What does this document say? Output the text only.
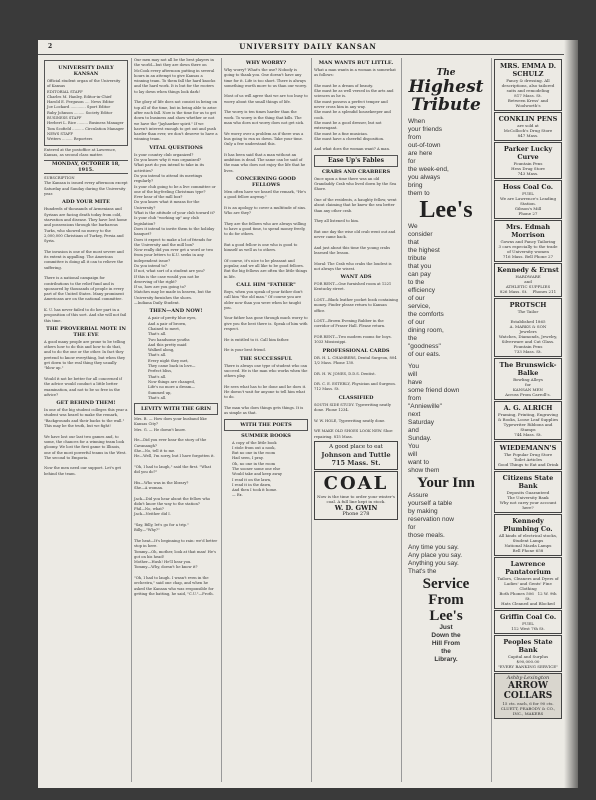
2	UNIVERSITY DAILY KANSAN
UNIVERSITY DAILY KANSAN
Official student organ of the University
of Kansas
EDITORIAL STAFF
Charles M. Hanley, Editor-in-Chief
Harold E. Ferguson .... News Editor
Joe Lockard ............. Sport Editor
Ruby Johnson ......... Society Editor
BUSINESS STAFF
Herbert L. Rice ......... Business Manager
Tom Scofield .......... Circulation Manager
NEWS STAFF
Writers ......... Reporters
Entered at the postoffice at Lawrence, Kansas, as second class matter.
MONDAY, OCTOBER 18, 1915.
SUBSCRIPTION
The Kansan is issued every afternoon except Saturday and Sunday during the University year.
ADD YOUR MITE
Hundreds of thousands of Armenians and Syrians are facing death today from cold, starvation and disease. They have lost home and possessions through the barbarous Turks, who showed no mercy to the 2,000,000 Christians of Turkey, Persia and Syria.

The invasion is one of the most severe and its extent is appalling. The American committee is doing all it can to relieve the suffering.

There is a national campaign for contributions to the relief fund and is sponsored by thousands of people in every part of the United States. Many prominent Americans are on the national committee.

K. U. has never failed to do her part in a proposition of this sort. And she will not fail this time.
THE PROVERBIAL MOTE IN THE EYE
A good many people are prone to be telling others how to do this and how to do that, and to do the one or the other. In fact they pretend to know everything, but when they get down to the real thing they usually "blow up."

Would it not be better for all concerned if the advice would conduct a little better examination, and not to be so free in the advice?
GET BEHIND THEM!
In one of the big student colleges this year a student was heard to make the remark, "Backgrounds and their backs to the wall." This may be the truth, but we fight!

We have lost our last two games and, to some, the chances for a winning team look gloomy. We lost the first game to Illinois, one of the most powerful teams in the West. The second to Emporia.

Now the men need our support. Let's get behind the team.
Our men may not all be the best players in the world—but they are down there on McCook every afternoon putting in several hours in an attempt to give Kansas a winning team. To them fall the hard knocks and the hard work. It is but for the rooters to lay down when things look dark!

The glory of life does not consist in being on top all of the time, but in being able to arise after each fall. Now is the time for us to get down to business and show whether or not we have the "Jayhawker spirit." If we haven't interest enough to get out and push harder than ever, we don't deserve to have a winning team.
VITAL QUESTIONS
Is your country club organized?
Do you know why it was organized?
What part do you intend to take in its activities?
Do you intend to attend its meetings regularly?
Is your club going to be a live committee or one of the big-feeling Christmas type?
Ever hear of the mill box?
Do you know what it means for the University?
What is the attitude of your club toward it?
Is your club "working up" any club legislation?
Does it intend to invite them to the holiday banquet?
Does it expect to make a lot of friends for the University and the mill box?
Now really did you ever get a word or two from your letters to K.U. seeks in any independent issue?
Do you intend to?
If not, what sort of a student are you?
If this is the case would you not be deserving of the right?
If so, how are you going to?
Matches may be made in heaven, but the University furnishes the shoes.
—Indiana Daily Student.
THEN—AND NOW!
A pair of pretty blue eyes,
And a pair of brown,
Chained to meet,
That's all.
Two handsome youths
And this pretty maid
Walked along,
That's all.
Every night they met,
They came back in love—
Perfect bliss,
That's all.
Now things are changed,
Life's no more a dream—
Summed up,
That's all.
LEVITY WITH THE GRIN
Mrs. B. — How does your husband like Kansas City?
Mrs. G. — He doesn't know.

He—Did you ever hear the story of the Cavanaugh?
She—No, tell it to me.
He—Well, I'm sorry, but I have forgotten it.

"Oh, I had to laugh," said the first. "What did you do?"

His—Who was in the library?
She—A woman.

Jack—Did you hear about the fellow who didn't know the way to the station?
Phil—No, what?
Jack—Neither did I.

"Say, Billy, let's go for a trip."
Billy—"Why?"

The heat—It's beginning to rain: we'd better stop in here.
Tommy—Oh, mother, look at that man! He's got on his head!
Mother—Hush! He'll hear you.
Tommy—Why, doesn't he know it?

"Oh, I had to laugh. I wasn't even in the orchestra," said one chap, and when he asked the Kansan who was responsible for getting the batting, he said, "C.U."—Froth.
WHY WORRY?
Why worry? What's the use? Nobody is going to thank you. One doesn't have any time for it. Life is too short. There is always something worth more to us than our worry.

Most of us will agree that we are too busy to worry about the small things of life.

The worry is ten times harder than the work. To worry is the thing that kills. The man who does not worry does not get sick.

We worry over a problem as if there was a bus going to run us down. Take your time. Only a few understand this.

It has been said that a man without an ambition is dead. The same can be said of the man who does not enjoy the life that he lives.
CONCERNING GOOD FELLOWS
Men often have we heard the remark, "He's a good fellow anyway."

It is an apology to cover a multitude of sins. Who are they?

They are the fellows who are always willing to have a good time, to spend money freely, to do for others.

But a good fellow is one who is good to himself as well as to others.

Of course, it's nice to be pleasant and popular, and we all like to be good fellows. But the big fellows are often the little things in life.
CALL HIM "FATHER"
Boys, when you speak of your father don't call him "the old man." Of course you are older now than you were when he taught you.

Your father has gone through much worry to give you the best there is. Speak of him with respect.

He is entitled to it. Call him father.

He is your best friend.
THE SUCCESSFUL
There is always one type of student who can succeed. He is the man who works when the others play.

He sees what has to be done and he does it. He doesn't wait for anyone to tell him what to do.

The man who does things gets things. It is as simple as that.
WITH THE POETS
SUMMER BOOKS
A copy of the little book
I stole from out a nook,
But no one in the room
Had seen, I pray.
Oh, no one in the room
The sooner some one else
Would take and keep away
I read it on the lawn,
I read it in the dawn,
And then I took it home.
— Ex.
MAN WANTS BUT LITTLE.
What a man wants in a woman is somewhat as follows:

She must be a dream of beauty.
She must be as well versed in the arts and sciences as he is.
She must possess a perfect temper and never cross him in any way.
She must be a splendid housekeeper and cook.
She must be a good dresser, but not extravagant.
She must be a fine musician.
She must have a cheerful disposition.

And what does the woman want? A man.
Ease Up's Fables
CRABS AND CRABBERS
Once upon a time there was an old Grandaddy Crab who lived down by the Sea Shore.

One of the residents, a haughty fellow, went about claiming that he knew the sea better than any other crab.

They all listened to him.

But one day the wise old crab went out and never came back.

And just about this time the young crabs learned the lesson.

Moral: The Crab who crabs the loudest is not always the wisest.
WANT ADS
FOR RENT—One furnished room at 1221 Kentucky street.

LOST—Black leather pocket book containing money. Finder please return to Kansan office.

LOST—Brown Evening Rubber in the corridor of Fraser Hall. Please return.

FOR RENT—Two modern rooms for boys. 1033 Mississippi.
PROFESSIONAL CARDS
DR. H. L. CHAMBERS, Dental Surgeon, 804 1/2 Mass. Phone 130.

DR. H. W. JONES, D.D.S. Dentist.

DR. C. E. ESTERLY, Physician and Surgeon. 712 Mass. St.
CLASSIFIED
SOUTH SIDE STUDY. Typewriting neatly done. Phone 1234.

W. W. HOLE, Typewriting neatly done.

WE MAKE OLD SHOES LOOK NEW. Shoe repairing. 815 Mass.
A good place to eat
Johnson and Tuttle
715 Mass. St.
COAL
Now is the time to order your winter's coal. A full line kept in stock.
W. D. GWIN
Phone 278
The
Highest
Tribute
When
your friends
from
out-of-town
are here
for
the week-end,
you always
bring
them to
Lee's
We
consider
that
the highest
tribute
that you
can pay
to the
efficiency
of our
service,
the comforts
of our
dining room,
the
"goodness"
of our eats.
You
will
have
some friend down
from
"Anniewille"
next
Saturday
and
Sunday.
You
will
want to
show them
Your Inn
Assure
yourself a table
by making
reservation now
for
those meals.
Any time you say.
Any place you say.
Anything you say.
That's the
Service
From
Lee's
Just
Down the
Hill From
the
Library.
MRS. EMMA D. SCHULZ
Fancy & dressing. All descriptions, also tailored suits and remodeling
817 Mass. St.
Between Kress' and Woolworth's
CONKLIN PENS
are sold at
McColloch's Drug Store
847 Mass.
Parker Lucky Curve
Fountain Pens
Hess Drug Store
743 Mass.
Hoss Coal Co.
FUEL
We are Lawrence's Leading Station.
Gibson's Mill
Phone 27
Mrs. Edmah Morrison
Gowns and Fancy Tailoring
3 cars especially to the trade of University women
716 Mass. Bell Phone 27
Kennedy & Ernst
HARDWARE
and
ATHLETIC SUPPLIES
826 Mass. St.    Phones 211
PROTSCH
The Tailor

Established 1865
A. MARKS & SON
Jewelers
Watches, Diamonds, Jewelry, Silverware and Cut Glass. Fountain Pens
733 Mass. St.
The Brunswick-Balke
Bowling Alleys
for
KANSAN MEN
Across From Carroll's.
A. G. ALRICH
Framing, Printing, Engraving & Books, Loose Leaf Supplies
Typewriter Ribbons and Stamps
744 Mass. St.
WIEDEMANN'S
The Popular Drug Store
Toilet Articles
Good Things to Eat and Drink
Citizens State Bank
Deposits Guaranteed
The University Bank
Why not carry your account here?
Kennedy Plumbing Co.
All kinds of electrical stocks,
Student Lamps
National Mazda Lamps
Bell Phone 658
Lawrence Pantatorium
Tailors, Cleaners and Dyers of
Ladies' and Gents' Fine Clothing
Both Phones 506   12 W. 9th St.
Hats Cleaned and Blocked
Griffin Coal Co.
FUEL
112 West 7th St.
Peoples State Bank
Capital and Surplus $90,000.00
"EVERY BANKING SERVICE"
Ashby-Lexington
ARROW COLLARS
15 cts. each, 6 for 90 cts.
CLUETT, PEABODY & CO., INC., MAKERS
